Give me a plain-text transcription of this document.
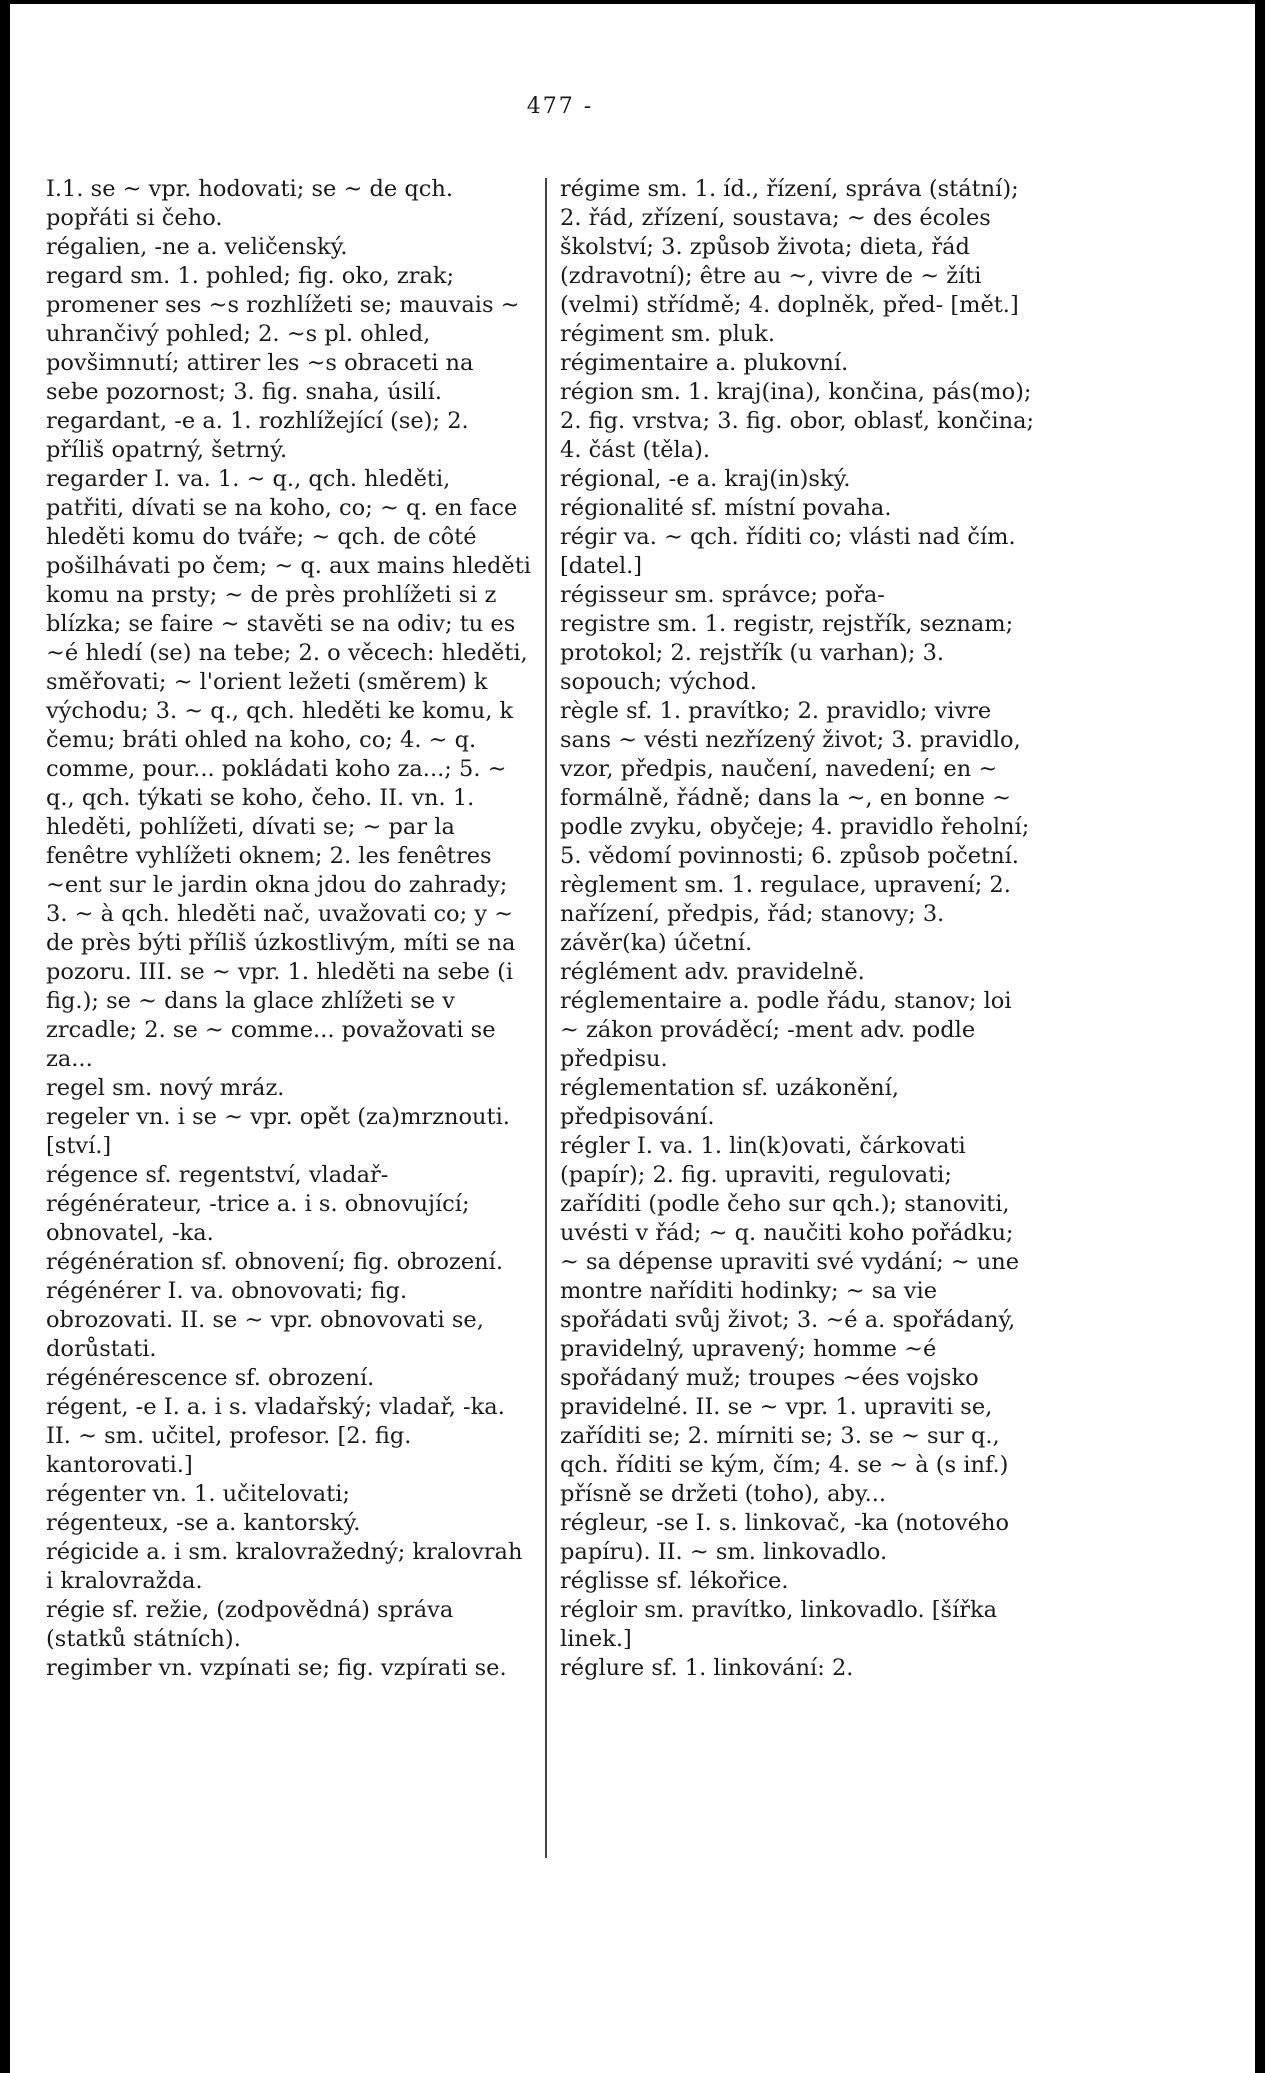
477 -

I.1. se ~ vpr. hodovati; se ~ de qch. popřáti si čeho.

régalien, -ne a. veličenský.

regard sm. 1. pohled; fig. oko, zrak; promener ses ~s rozhlížeti se; mauvais ~ uhrančivý pohled; 2. ~s pl. ohled, povšimnutí; attirer les ~s obraceti na sebe pozornost; 3. fig. snaha, úsilí.

regardant, -e a. 1. rozhlížející (se); 2. příliš opatrný, šetrný.

regarder I. va. 1. ~ q., qch. hleděti, patřiti, dívati se na koho, co; ~ q. en face hleděti komu do tváře; ~ qch. de côté pošilhávati po čem; ~ q. aux mains hleděti komu na prsty; ~ de près prohlížeti si z blízka; se faire ~ stavěti se na odiv; tu es ~é hledí (se) na tebe; 2. o věcech: hleděti, směřovati; ~ l'orient ležeti (směrem) k východu; 3. ~ q., qch. hleděti ke komu, k čemu; bráti ohled na koho, co; 4. ~ q. comme, pour... pokládati koho za...; 5. ~ q., qch. týkati se koho, čeho. II. vn. 1. hleděti, pohlížeti, dívati se; ~ par la fenêtre vyhlížeti oknem; 2. les fenêtres ~ent sur le jardin okna jdou do zahrady; 3. ~ à qch. hleděti nač, uvažovati co; y ~ de près býti příliš úzkostlivým, míti se na pozoru. III. se ~ vpr. 1. hleděti na sebe (i fig.); se ~ dans la glace zhlížeti se v zrcadle; 2. se ~ comme... považovati se za...

regel sm. nový mráz.

regeler vn. i se ~ vpr. opět (za)mrznouti. [ství.]

régence sf. regentství, vladař-

régénérateur, -trice a. i s. obnovující; obnovatel, -ka.

régénération sf. obnovení; fig. obrození.

régénérer I. va. obnovovati; fig. obrozovati. II. se ~ vpr. obnovovati se, dorůstati.

régénérescence sf. obrození.

régent, -e I. a. i s. vladařský; vladař, -ka. II. ~ sm. učitel, profesor. [2. fig. kantorovati.]

régenter vn. 1. učitelovati;

régenteux, -se a. kantorský.

régicide a. i sm. kralovražedný; kralovrah i kralovražda.

régie sf. režie, (zodpovědná) správa (statků státních).

regimber vn. vzpínati se; fig. vzpírati se.

régime sm. 1. íd., řízení, správa (státní); 2. řád, zřízení, soustava; ~ des écoles školství; 3. způsob života; dieta, řád (zdravotní); être au ~, vivre de ~ žíti (velmi) střídmě; 4. doplněk, před- [mět.]

régiment sm. pluk.

régimentaire a. plukovní.

région sm. 1. kraj(ina), končina, pás(mo); 2. fig. vrstva; 3. fig. obor, oblasť, končina; 4. část (těla).

régional, -e a. kraj(in)ský.

régionalité sf. místní povaha.

régir va. ~ qch. říditi co; vlásti nad čím. [datel.]

régisseur sm. správce; pořa-

registre sm. 1. registr, rejstřík, seznam; protokol; 2. rejstřík (u varhan); 3. sopouch; východ.

règle sf. 1. pravítko; 2. pravidlo; vivre sans ~ vésti nezřízený život; 3. pravidlo, vzor, předpis, naučení, navedení; en ~ formálně, řádně; dans la ~, en bonne ~ podle zvyku, obyčeje; 4. pravidlo řeholní; 5. vědomí povinnosti; 6. způsob početní.

règlement sm. 1. regulace, upravení; 2. nařízení, předpis, řád; stanovy; 3. závěr(ka) účetní.

réglément adv. pravidelně.

réglementaire a. podle řádu, stanov; loi ~ zákon prováděcí; -ment adv. podle předpisu.

réglementation sf. uzákonění, předpisování.

régler I. va. 1. lin(k)ovati, čárkovati (papír); 2. fig. upraviti, regulovati; zaříditi (podle čeho sur qch.); stanoviti, uvésti v řád; ~ q. naučiti koho pořádku; ~ sa dépense upraviti své vydání; ~ une montre naříditi hodinky; ~ sa vie spořádati svůj život; 3. ~é a. spořádaný, pravidelný, upravený; homme ~é spořádaný muž; troupes ~ées vojsko pravidelné. II. se ~ vpr. 1. upraviti se, zaříditi se; 2. mírniti se; 3. se ~ sur q., qch. říditi se kým, čím; 4. se ~ à (s inf.) přísně se držeti (toho), aby...

régleur, -se I. s. linkovač, -ka (notového papíru). II. ~ sm. linkovadlo.

réglisse sf. lékořice.

régloir sm. pravítko, linkovadlo. [šířka linek.]

réglure sf. 1. linkování: 2.
